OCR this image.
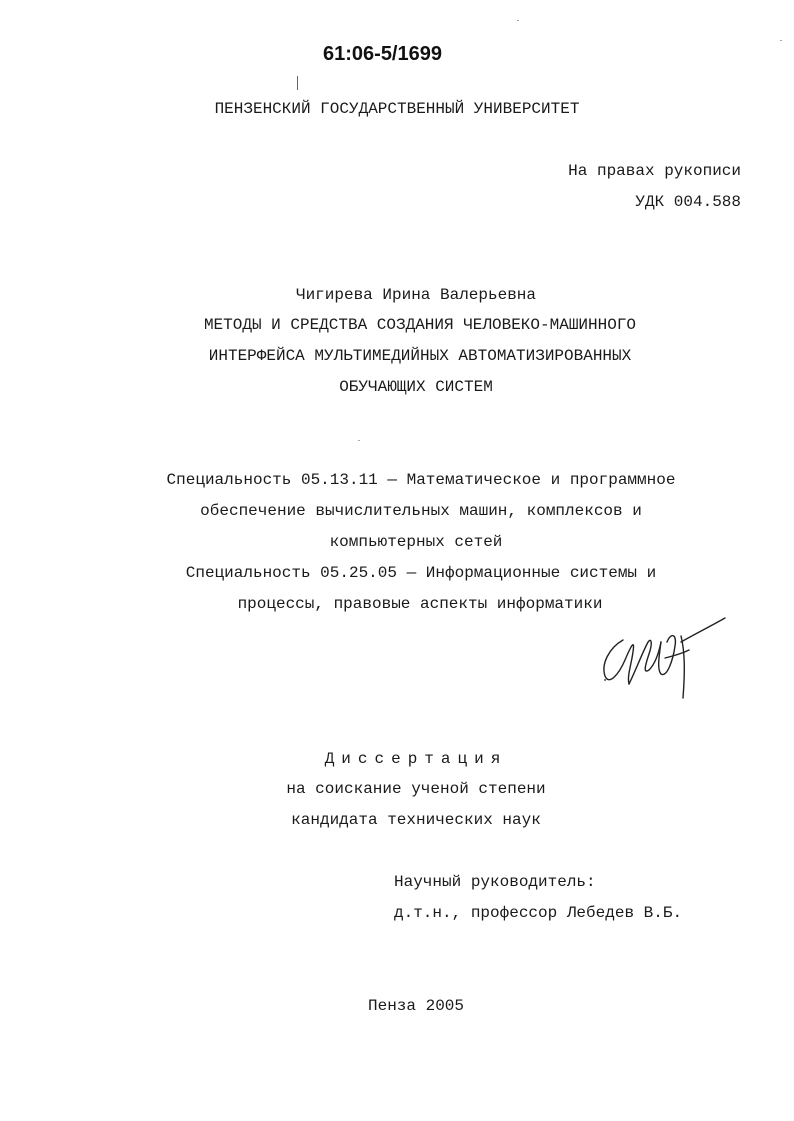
61:06-5/1699
ПЕНЗЕНСКИЙ ГОСУДАРСТВЕННЫЙ УНИВЕРСИТЕТ
На правах рукописи
УДК 004.588
Чигирева Ирина Валерьевна
МЕТОДЫ И СРЕДСТВА СОЗДАНИЯ ЧЕЛОВЕКО-МАШИННОГО
ИНТЕРФЕЙСА МУЛЬТИМЕДИЙНЫХ АВТОМАТИЗИРОВАННЫХ
ОБУЧАЮЩИХ СИСТЕМ
Специальность 05.13.11 — Математическое и программное
обеспечение вычислительных машин, комплексов и
компьютерных сетей
Специальность 05.25.05 — Информационные системы и
процессы, правовые аспекты информатики
Диссертация
на соискание ученой степени
кандидата технических наук
Научный руководитель:
д.т.н., профессор Лебедев В.Б.
Пенза 2005
